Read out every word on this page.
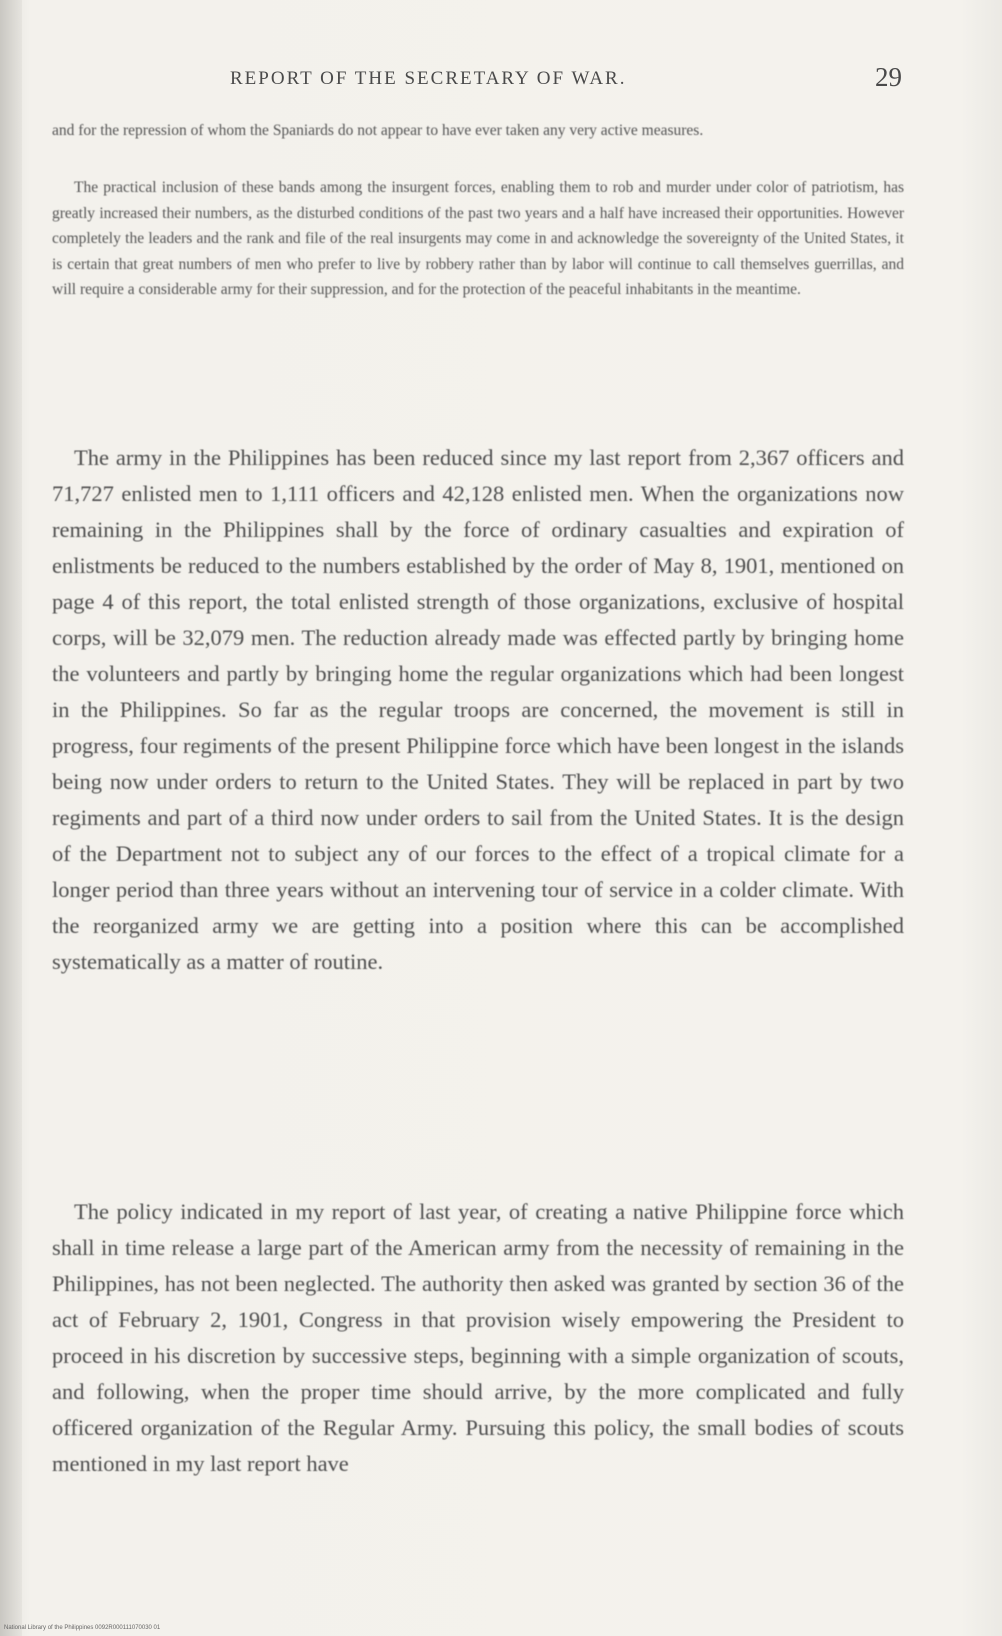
REPORT OF THE SECRETARY OF WAR.	29

and for the repression of whom the Spaniards do not appear to have ever taken any very active measures.

The practical inclusion of these bands among the insurgent forces, enabling them to rob and murder under color of patriotism, has greatly increased their numbers, as the disturbed conditions of the past two years and a half have increased their opportunities. However completely the leaders and the rank and file of the real insurgents may come in and acknowledge the sovereignty of the United States, it is certain that great numbers of men who prefer to live by robbery rather than by labor will continue to call themselves guerrillas, and will require a considerable army for their suppression, and for the protection of the peaceful inhabitants in the meantime.

The army in the Philippines has been reduced since my last report from 2,367 officers and 71,727 enlisted men to 1,111 officers and 42,128 enlisted men. When the organizations now remaining in the Philippines shall by the force of ordinary casualties and expiration of enlistments be reduced to the numbers established by the order of May 8, 1901, mentioned on page 4 of this report, the total enlisted strength of those organizations, exclusive of hospital corps, will be 32,079 men. The reduction already made was effected partly by bringing home the volunteers and partly by bringing home the regular organizations which had been longest in the Philippines. So far as the regular troops are concerned, the movement is still in progress, four regiments of the present Philippine force which have been longest in the islands being now under orders to return to the United States. They will be replaced in part by two regiments and part of a third now under orders to sail from the United States. It is the design of the Department not to subject any of our forces to the effect of a tropical climate for a longer period than three years without an intervening tour of service in a colder climate. With the reorganized army we are getting into a position where this can be accomplished systematically as a matter of routine.

The policy indicated in my report of last year, of creating a native Philippine force which shall in time release a large part of the American army from the necessity of remaining in the Philippines, has not been neglected. The authority then asked was granted by section 36 of the act of February 2, 1901, Congress in that provision wisely empowering the President to proceed in his discretion by successive steps, beginning with a simple organization of scouts, and following, when the proper time should arrive, by the more complicated and fully officered organization of the Regular Army. Pursuing this policy, the small bodies of scouts mentioned in my last report have

National Library of the Philippines 0092R000111070030 01
